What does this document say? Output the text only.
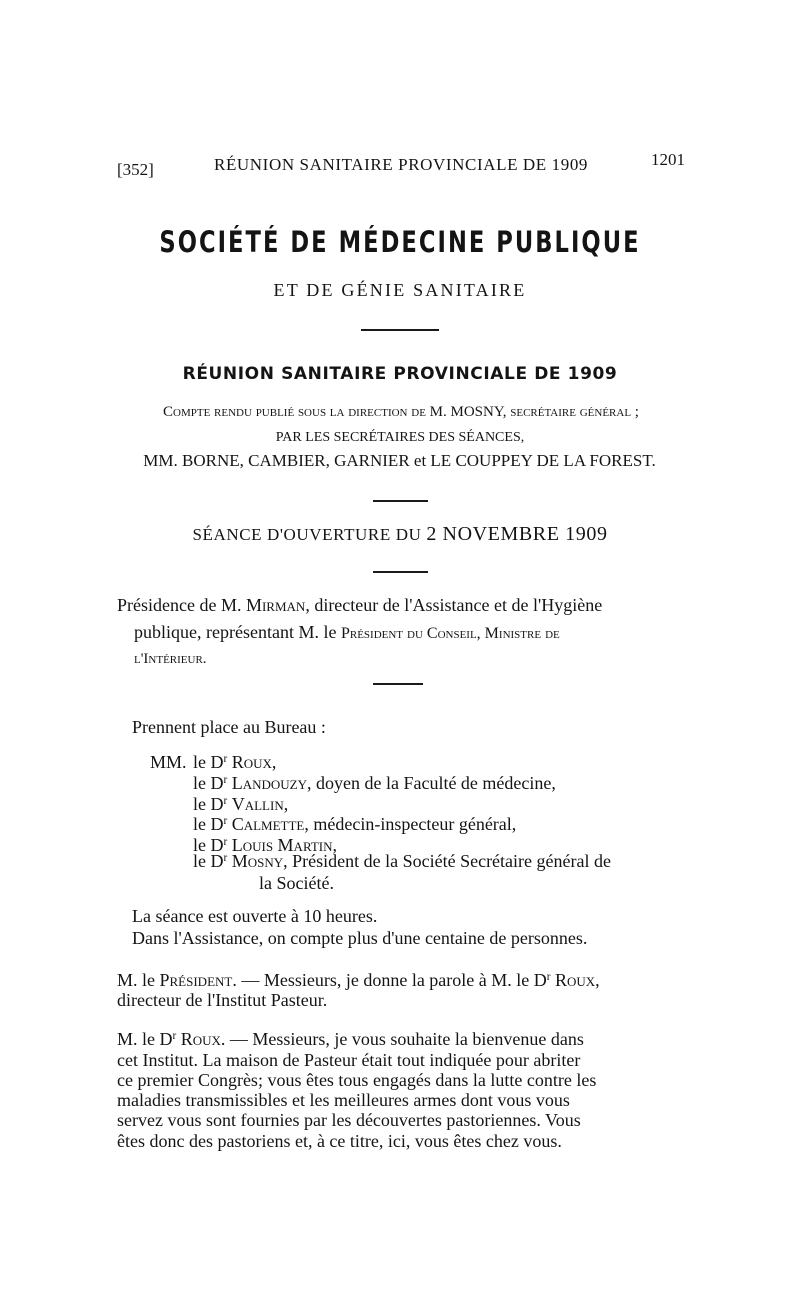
[352]	RÉUNION SANITAIRE PROVINCIALE DE 1909	1201
SOCIÉTÉ DE MÉDECINE PUBLIQUE
ET DE GÉNIE SANITAIRE
RÉUNION SANITAIRE PROVINCIALE DE 1909
Compte rendu publié sous la direction de M. MOSNY, secrétaire général ;
PAR LES SECRÉTAIRES DES SÉANCES,
MM. BORNE, CAMBIER, GARNIER et LE COUPPEY DE LA FOREST.
SÉANCE D'OUVERTURE DU 2 NOVEMBRE 1909
Présidence de M. Mirman, directeur de l'Assistance et de l'Hygiène
publique, représentant M. le Président du Conseil, Ministre de
l'Intérieur.
Prennent place au Bureau :
MM. le $D^r$ Roux,
le $D^r$ Landouzy, doyen de la Faculté de médecine,
le $D^r$ Vallin,
le $D^r$ Calmette, médecin-inspecteur général,
le $D^r$ Louis Martin,
le $D^r$ Mosny, Président de la Société Secrétaire général de
la Société.
La séance est ouverte à 10 heures.
Dans l'Assistance, on compte plus d'une centaine de personnes.
M. le Président. — Messieurs, je donne la parole à M. le $D^r$ Roux,
directeur de l'Institut Pasteur.
M. le $D^r$ Roux. — Messieurs, je vous souhaite la bienvenue dans
cet Institut. La maison de Pasteur était tout indiquée pour abriter
ce premier Congrès; vous êtes tous engagés dans la lutte contre les
maladies transmissibles et les meilleures armes dont vous vous
servez vous sont fournies par les découvertes pastoriennes. Vous
êtes donc des pastoriens et, à ce titre, ici, vous êtes chez vous.
